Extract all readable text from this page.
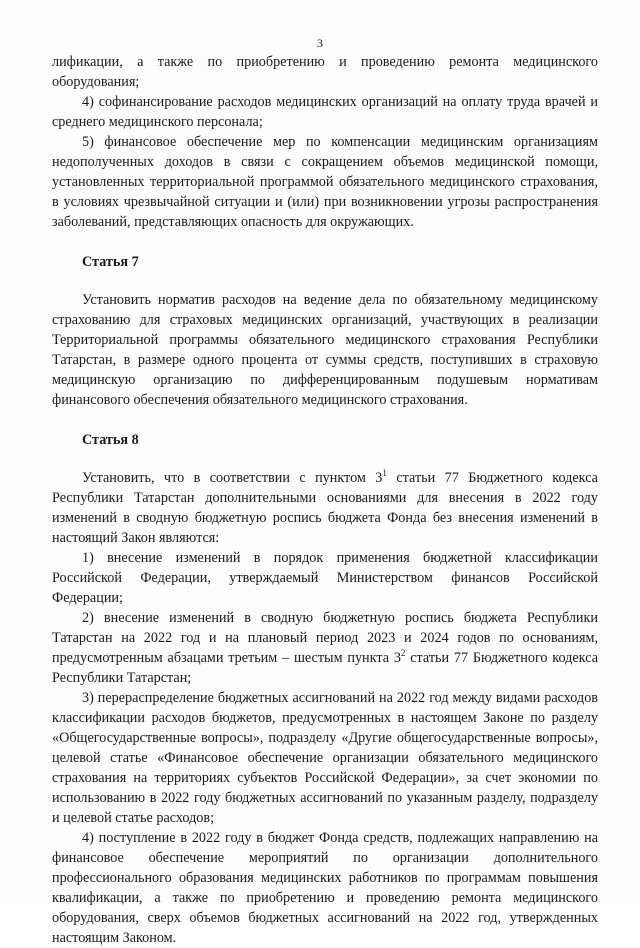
3

лификации, а также по приобретению и проведению ремонта медицинского оборудования;

4) софинансирование расходов медицинских организаций на оплату труда врачей и среднего медицинского персонала;

5) финансовое обеспечение мер по компенсации медицинским организациям недополученных доходов в связи с сокращением объемов медицинской помощи, установленных территориальной программой обязательного медицинского страхования, в условиях чрезвычайной ситуации и (или) при возникновении угрозы распространения заболеваний, представляющих опасность для окружающих.

Статья 7

Установить норматив расходов на ведение дела по обязательному медицинскому страхованию для страховых медицинских организаций, участвующих в реализации Территориальной программы обязательного медицинского страхования Республики Татарстан, в размере одного процента от суммы средств, поступивших в страховую медицинскую организацию по дифференцированным подушевым нормативам финансового обеспечения обязательного медицинского страхования.

Статья 8

Установить, что в соответствии с пунктом $3^1$ статьи 77 Бюджетного кодекса Республики Татарстан дополнительными основаниями для внесения в 2022 году изменений в сводную бюджетную роспись бюджета Фонда без внесения изменений в настоящий Закон являются:

1) внесение изменений в порядок применения бюджетной классификации Российской Федерации, утверждаемый Министерством финансов Российской Федерации;

2) внесение изменений в сводную бюджетную роспись бюджета Республики Татарстан на 2022 год и на плановый период 2023 и 2024 годов по основаниям, предусмотренным абзацами третьим – шестым пункта $3^2$ статьи 77 Бюджетного кодекса Республики Татарстан;

3) перераспределение бюджетных ассигнований на 2022 год между видами расходов классификации расходов бюджетов, предусмотренных в настоящем Законе по разделу «Общегосударственные вопросы», подразделу «Другие общегосударственные вопросы», целевой статье «Финансовое обеспечение организации обязательного медицинского страхования на территориях субъектов Российской Федерации», за счет экономии по использованию в 2022 году бюджетных ассигнований по указанным разделу, подразделу и целевой статье расходов;

4) поступление в 2022 году в бюджет Фонда средств, подлежащих направлению на финансовое обеспечение мероприятий по организации дополнительного профессионального образования медицинских работников по программам повышения квалификации, а также по приобретению и проведению ремонта медицинского оборудования, сверх объемов бюджетных ассигнований на 2022 год, утвержденных настоящим Законом.
